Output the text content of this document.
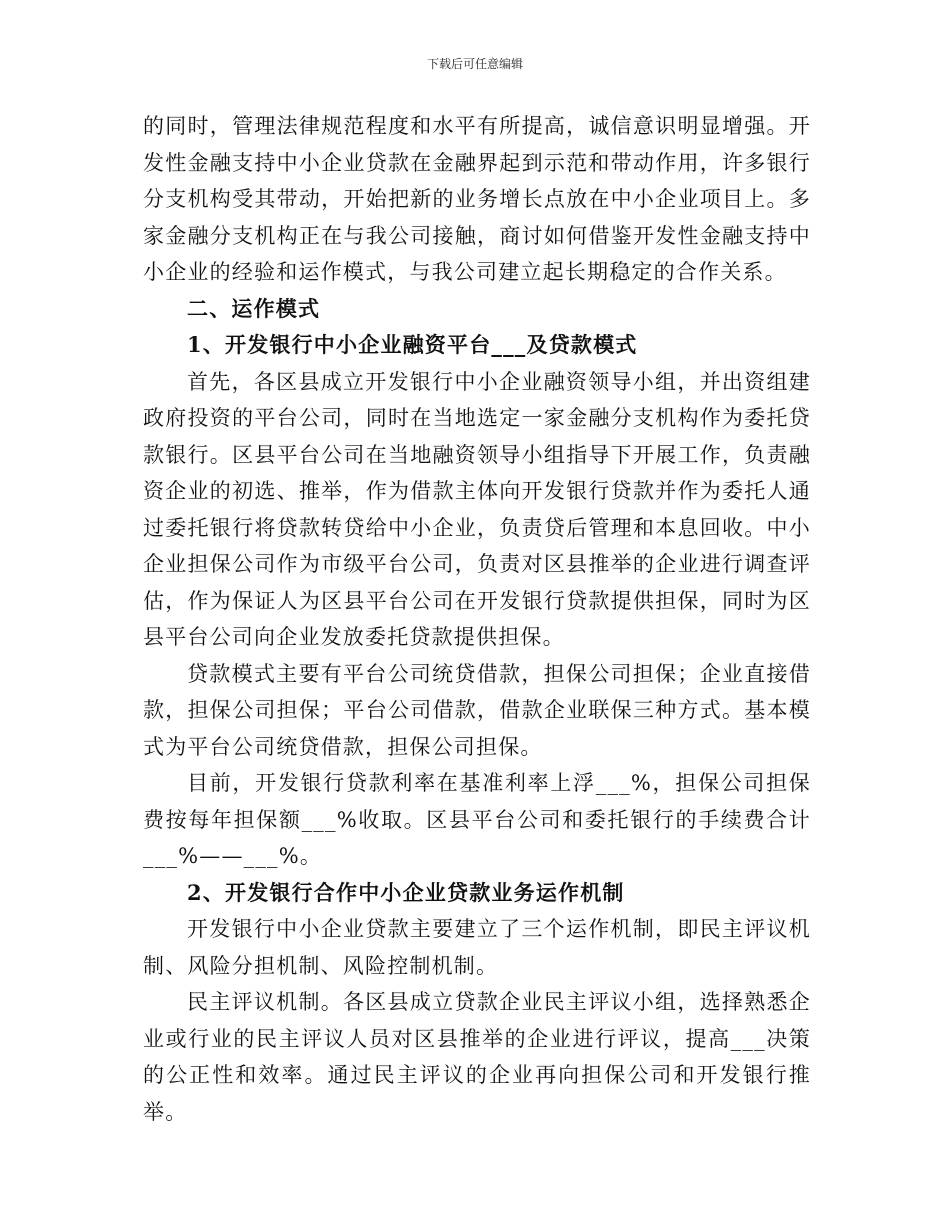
下载后可任意编辑

的同时，管理法律规范程度和水平有所提高，诚信意识明显增强。开发性金融支持中小企业贷款在金融界起到示范和带动作用，许多银行分支机构受其带动，开始把新的业务增长点放在中小企业项目上。多家金融分支机构正在与我公司接触，商讨如何借鉴开发性金融支持中小企业的经验和运作模式，与我公司建立起长期稳定的合作关系。

二、运作模式

1、开发银行中小企业融资平台___及贷款模式

首先，各区县成立开发银行中小企业融资领导小组，并出资组建政府投资的平台公司，同时在当地选定一家金融分支机构作为委托贷款银行。区县平台公司在当地融资领导小组指导下开展工作，负责融资企业的初选、推举，作为借款主体向开发银行贷款并作为委托人通过委托银行将贷款转贷给中小企业，负责贷后管理和本息回收。中小企业担保公司作为市级平台公司，负责对区县推举的企业进行调查评估，作为保证人为区县平台公司在开发银行贷款提供担保，同时为区县平台公司向企业发放委托贷款提供担保。

贷款模式主要有平台公司统贷借款，担保公司担保；企业直接借款，担保公司担保；平台公司借款，借款企业联保三种方式。基本模式为平台公司统贷借款，担保公司担保。

目前，开发银行贷款利率在基准利率上浮___%，担保公司担保费按每年担保额___%收取。区县平台公司和委托银行的手续费合计___%——___%。

2、开发银行合作中小企业贷款业务运作机制

开发银行中小企业贷款主要建立了三个运作机制，即民主评议机制、风险分担机制、风险控制机制。

民主评议机制。各区县成立贷款企业民主评议小组，选择熟悉企业或行业的民主评议人员对区县推举的企业进行评议，提高___决策的公正性和效率。通过民主评议的企业再向担保公司和开发银行推举。
